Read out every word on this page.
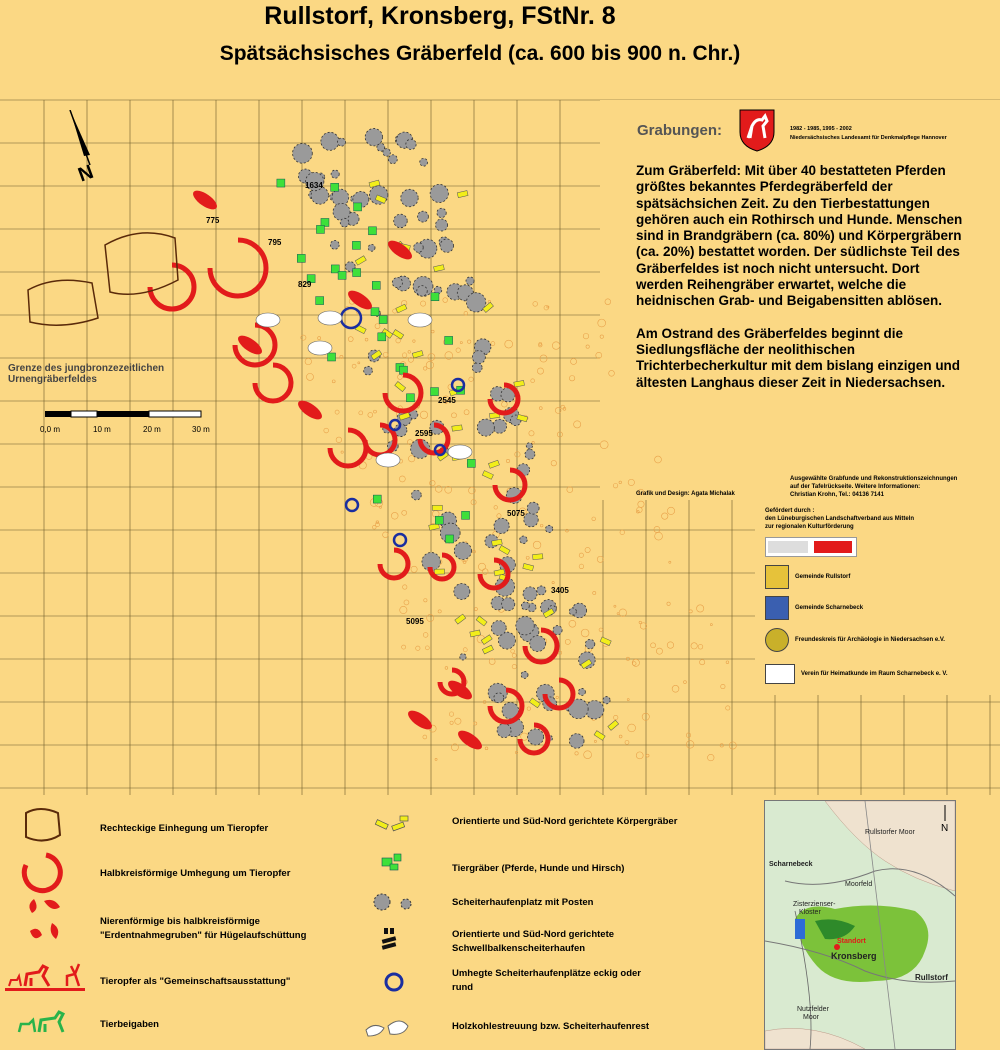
Rullstorf, Kronsberg, FStNr. 8
Spätsächsisches Gräberfeld (ca. 600 bis 900 n. Chr.)
N
Grenze des jungbronzezeitlichen
Urnengräberfeldes
0,0 m	10 m	20 m	30 m
775
795
829
1634
2545
2595
5075
3405
5095
Grabungen:	1982 - 1985, 1995 - 2002
Niedersächsisches Landesamt für Denkmalpflege Hannover

Zum Gräberfeld: Mit über 40 bestatteten Pferden größtes bekanntes Pferdegräberfeld der spätsächsichen Zeit. Zu den Tierbestattungen gehören auch ein Rothirsch und Hunde. Menschen sind in Brandgräbern (ca. 80%) und Körpergräbern (ca. 20%) bestattet worden. Der südlichste Teil des Gräberfeldes ist noch nicht untersucht. Dort werden Reihengräber erwartet, welche die heidnischen Grab- und Beigabensitten ablösen.

Am Ostrand des Gräberfeldes beginnt die Siedlungsfläche der neolithischen Trichterbecherkultur mit dem bislang einzigen und ältesten Langhaus dieser Zeit in Niedersachsen.

Grafik und Design: Agata Michalak
Ausgewählte Grabfunde und Rekonstruktionszeichnungen
auf der Tafelrückseite. Weitere Informationen:
Christian Krohn, Tel.: 04136 7141
Gefördert durch :
den Lüneburgischen Landschaftverband aus Mitteln
zur regionalen Kulturförderung
Gemeinde Rullstorf
Gemeinde Scharnebeck
Freundeskreis für Archäologie in Niedersachsen e.V.
Verein für Heimatkunde im Raum Scharnebeck e. V.
Rechteckige Einhegung um Tieropfer
Halbkreisförmige Umhegung um Tieropfer
Nierenförmige bis halbkreisförmige "Erdentnahmegruben" für Hügelaufschüttung
Tieropfer als "Gemeinschaftsausstattung"
Tierbeigaben
Orientierte und Süd-Nord gerichtete Körpergräber
Tiergräber (Pferde, Hunde und Hirsch)
Scheiterhaufenplatz mit Posten
Orientierte und Süd-Nord gerichtete Schwellbalkenscheiterhaufen
Umhegte Scheiterhaufenplätze eckig oder rund
Holzkohlestreuung bzw. Scheiterhaufenrest
N
Rullstorfer Moor
Scharnebeck
Moorfeld
Zisterzienser-
Kloster
Standort
Kronsberg
Rullstorf
Nutzfelder
Moor
